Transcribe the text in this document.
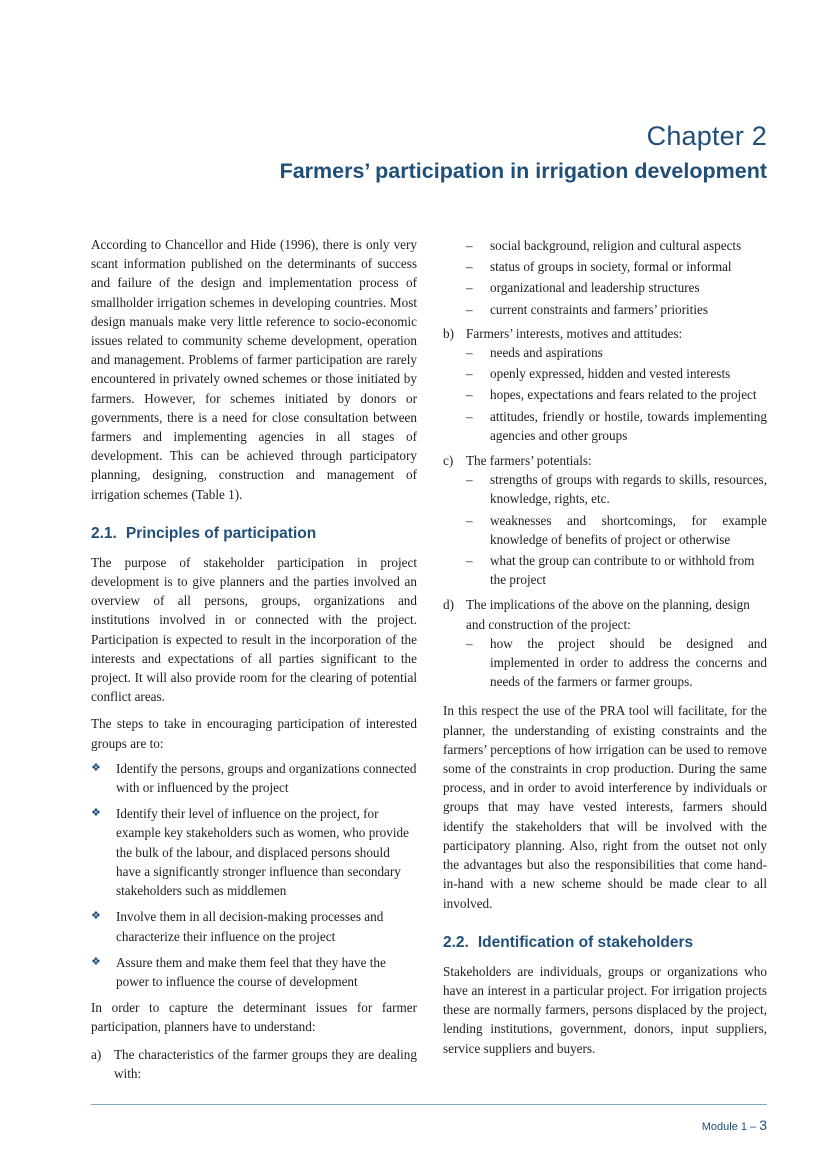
Chapter 2
Farmers’ participation in irrigation development

According to Chancellor and Hide (1996), there is only very scant information published on the determinants of success and failure of the design and implementation process of smallholder irrigation schemes in developing countries. Most design manuals make very little reference to socio-economic issues related to community scheme development, operation and management. Problems of farmer participation are rarely encountered in privately owned schemes or those initiated by farmers. However, for schemes initiated by donors or governments, there is a need for close consultation between farmers and implementing agencies in all stages of development. This can be achieved through participatory planning, designing, construction and management of irrigation schemes (Table 1).

2.1. Principles of participation

The purpose of stakeholder participation in project development is to give planners and the parties involved an overview of all persons, groups, organizations and institutions involved in or connected with the project. Participation is expected to result in the incorporation of the interests and expectations of all parties significant to the project. It will also provide room for the clearing of potential conflict areas.

The steps to take in encouraging participation of interested groups are to:

❖ Identify the persons, groups and organizations connected with or influenced by the project
❖ Identify their level of influence on the project, for example key stakeholders such as women, who provide the bulk of the labour, and displaced persons should have a significantly stronger influence than secondary stakeholders such as middlemen
❖ Involve them in all decision-making processes and characterize their influence on the project
❖ Assure them and make them feel that they have the power to influence the course of development

In order to capture the determinant issues for farmer participation, planners have to understand:

a) The characteristics of the farmer groups they are dealing with:
– social background, religion and cultural aspects
– status of groups in society, formal or informal
– organizational and leadership structures
– current constraints and farmers’ priorities
b) Farmers’ interests, motives and attitudes:
– needs and aspirations
– openly expressed, hidden and vested interests
– hopes, expectations and fears related to the project
– attitudes, friendly or hostile, towards implementing agencies and other groups
c) The farmers’ potentials:
– strengths of groups with regards to skills, resources, knowledge, rights, etc.
– weaknesses and shortcomings, for example knowledge of benefits of project or otherwise
– what the group can contribute to or withhold from the project
d) The implications of the above on the planning, design and construction of the project:
– how the project should be designed and implemented in order to address the concerns and needs of the farmers or farmer groups.

In this respect the use of the PRA tool will facilitate, for the planner, the understanding of existing constraints and the farmers’ perceptions of how irrigation can be used to remove some of the constraints in crop production. During the same process, and in order to avoid interference by individuals or groups that may have vested interests, farmers should identify the stakeholders that will be involved with the participatory planning. Also, right from the outset not only the advantages but also the responsibilities that come hand-in-hand with a new scheme should be made clear to all involved.

2.2. Identification of stakeholders

Stakeholders are individuals, groups or organizations who have an interest in a particular project. For irrigation projects these are normally farmers, persons displaced by the project, lending institutions, government, donors, input suppliers, service suppliers and buyers.

Module 1 – 3
